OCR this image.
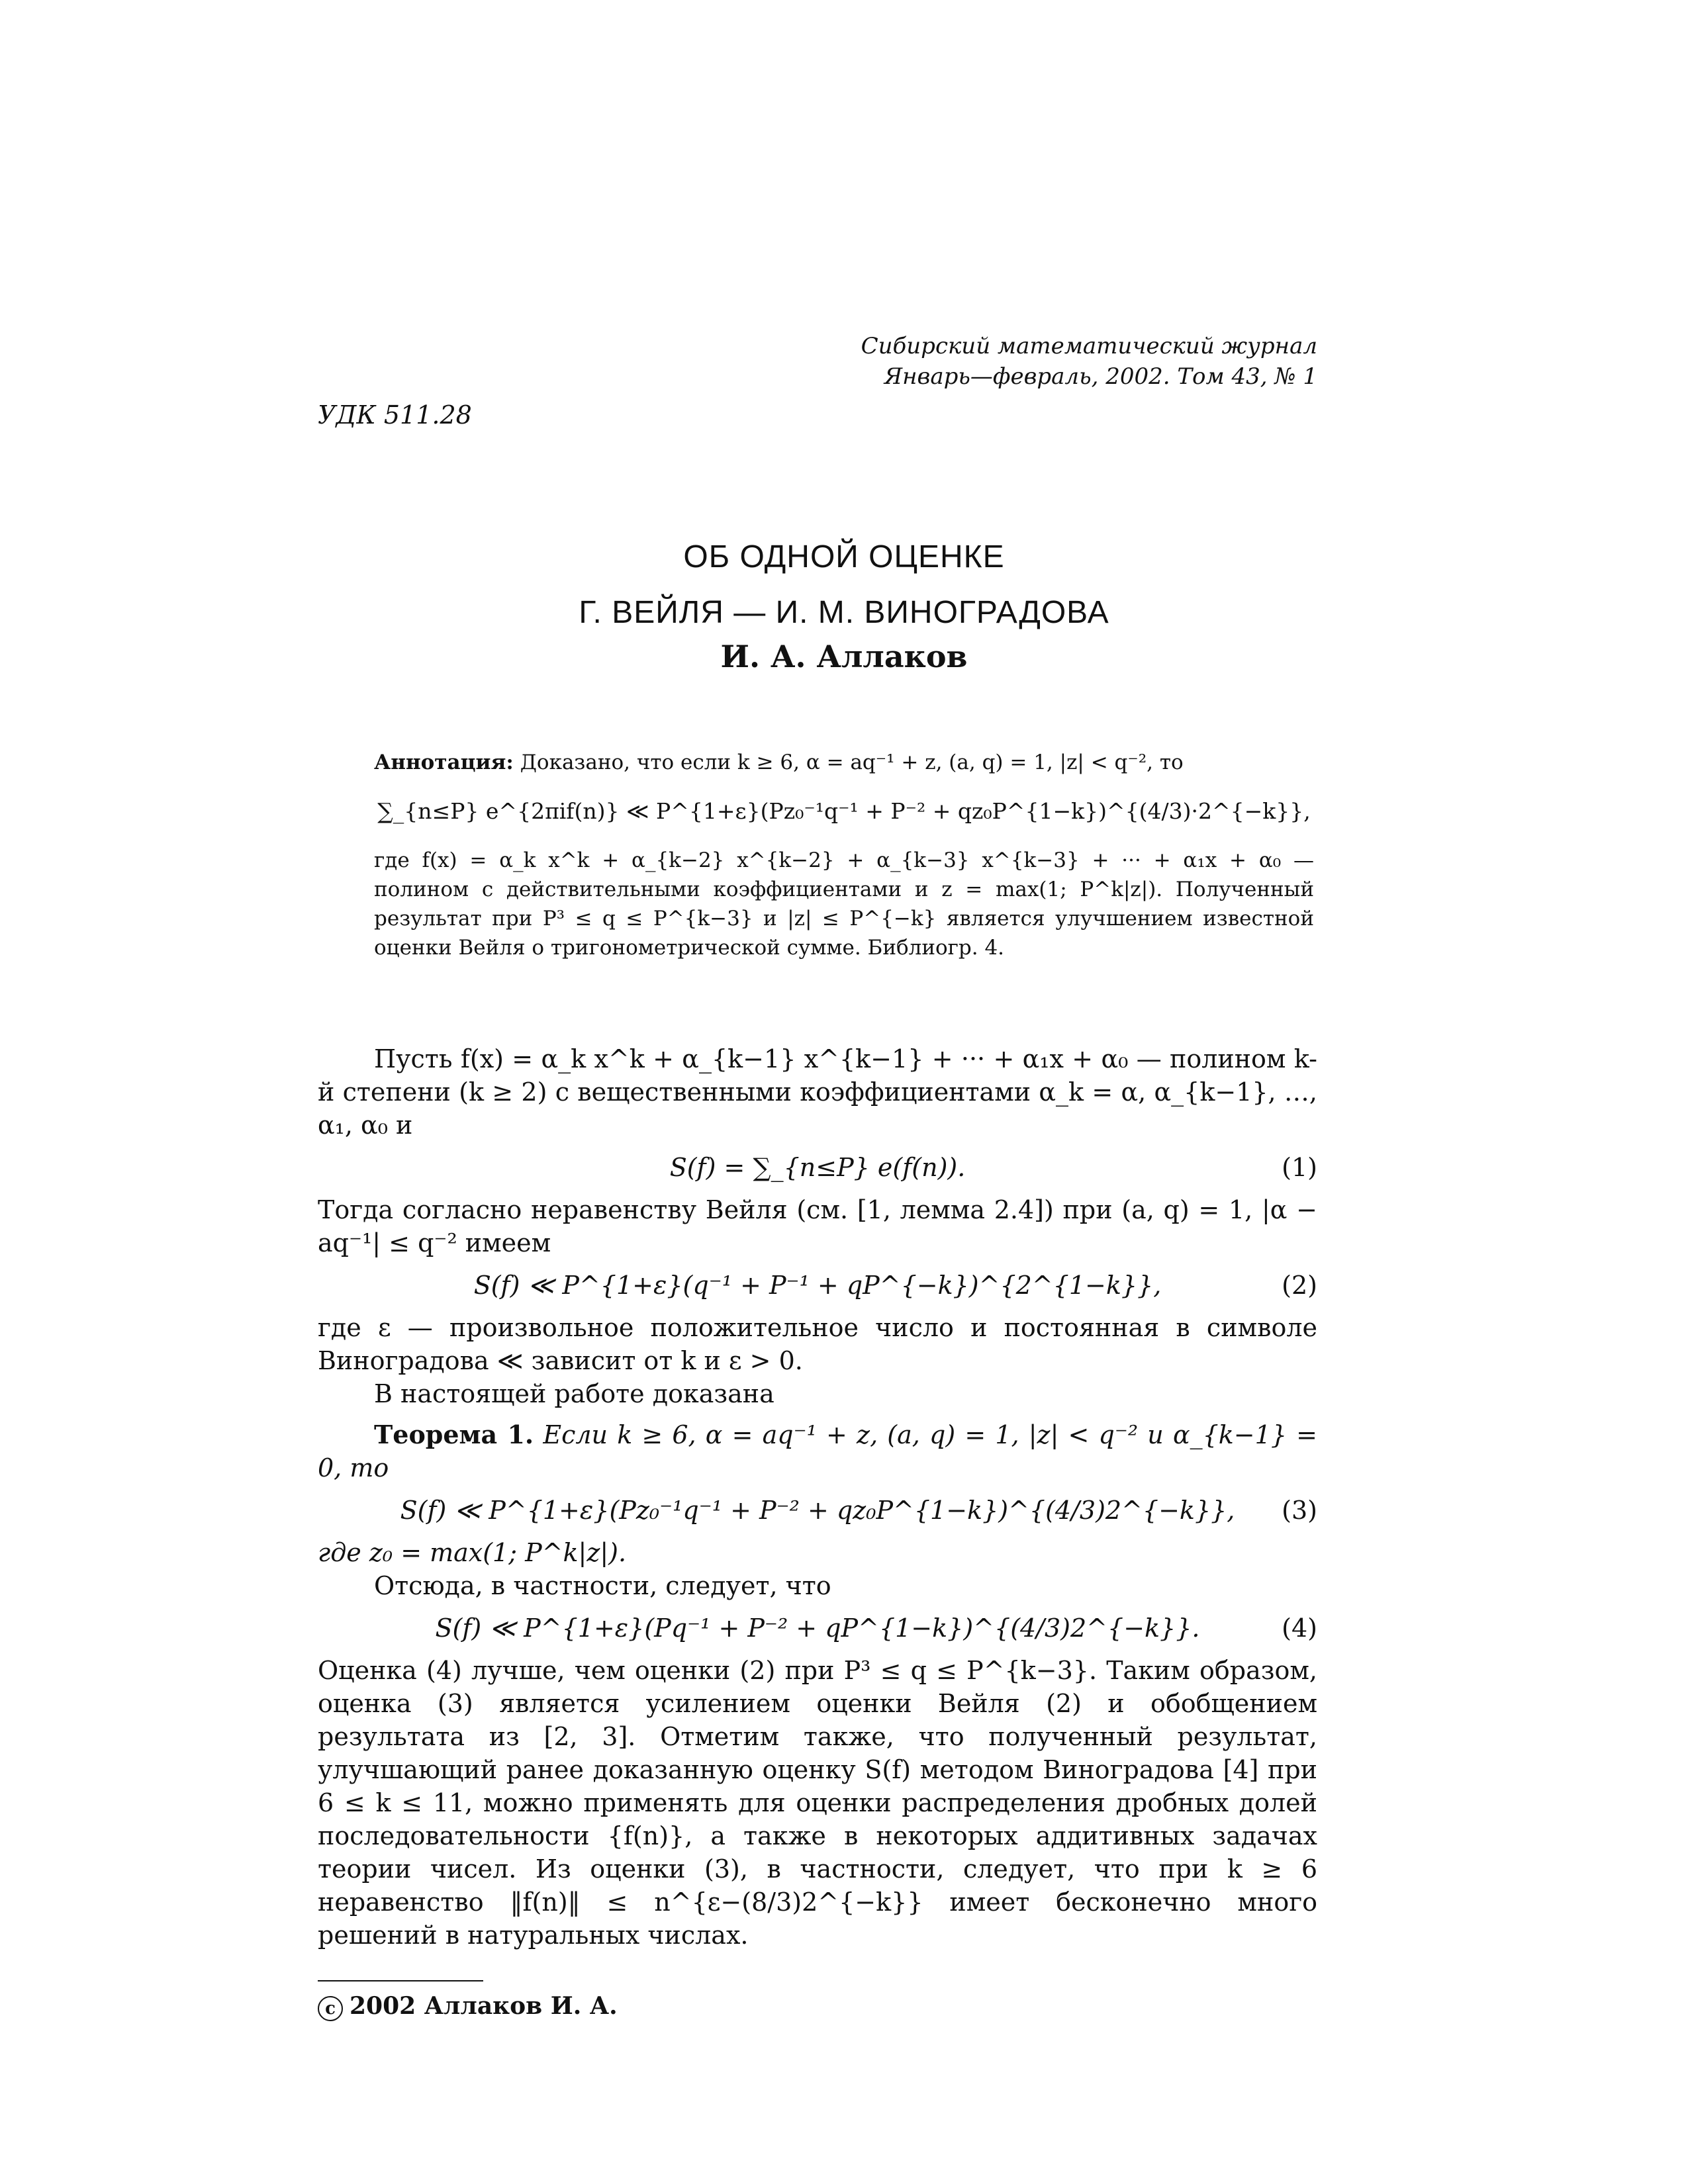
Сибирский математический журнал
Январь—февраль, 2002. Том 43, № 1
УДК 511.28
ОБ ОДНОЙ ОЦЕНКЕ
Г. ВЕЙЛЯ — И. М. ВИНОГРАДОВА
И. А. Аллаков

Аннотация: Доказано, что если k ≥ 6, α = aq⁻¹ + z, (a, q) = 1, |z| < q⁻², то

∑_{n≤P} e^{2πif(n)} ≪ P^{1+ε}(Pz₀⁻¹q⁻¹ + P⁻² + qz₀P^{1−k})^{(4/3)·2^{−k}},

где f(x) = α_k x^k + α_{k−2} x^{k−2} + α_{k−3} x^{k−3} + ··· + α₁x + α₀ — полином с действительными коэффициентами и z = max(1; P^k|z|). Полученный результат при P³ ≤ q ≤ P^{k−3} и |z| ≤ P^{−k} является улучшением известной оценки Вейля о тригонометрической сумме. Библиогр. 4.

Пусть f(x) = α_k x^k + α_{k−1} x^{k−1} + ··· + α₁x + α₀ — полином k-й степени (k ≥ 2) с вещественными коэффициентами α_k = α, α_{k−1}, …, α₁, α₀ и

S(f) = ∑_{n≤P} e(f(n)).	(1)

Тогда согласно неравенству Вейля (см. [1, лемма 2.4]) при (a, q) = 1, |α − aq⁻¹| ≤ q⁻² имеем

S(f) ≪ P^{1+ε}(q⁻¹ + P⁻¹ + qP^{−k})^{2^{1−k}},	(2)

где ε — произвольное положительное число и постоянная в символе Виноградова ≪ зависит от k и ε > 0.

В настоящей работе доказана

Теорема 1. Если k ≥ 6, α = aq⁻¹ + z, (a, q) = 1, |z| < q⁻² и α_{k−1} = 0, то

S(f) ≪ P^{1+ε}(Pz₀⁻¹q⁻¹ + P⁻² + qz₀P^{1−k})^{(4/3)2^{−k}}, (3)

где z₀ = max(1; P^k|z|).

Отсюда, в частности, следует, что

S(f) ≪ P^{1+ε}(Pq⁻¹ + P⁻² + qP^{1−k})^{(4/3)2^{−k}}.	(4)

Оценка (4) лучше, чем оценки (2) при P³ ≤ q ≤ P^{k−3}. Таким образом, оценка (3) является усилением оценки Вейля (2) и обобщением результата из [2, 3]. Отметим также, что полученный результат, улучшающий ранее доказанную оценку S(f) методом Виноградова [4] при 6 ≤ k ≤ 11, можно применять для оценки распределения дробных долей последовательности {f(n)}, а также в некоторых аддитивных задачах теории чисел. Из оценки (3), в частности, следует, что при k ≥ 6 неравенство ‖f(n)‖ ≤ n^{ε−(8/3)2^{−k}} имеет бесконечно много решений в натуральных числах.

c 2002 Аллаков И. А.
